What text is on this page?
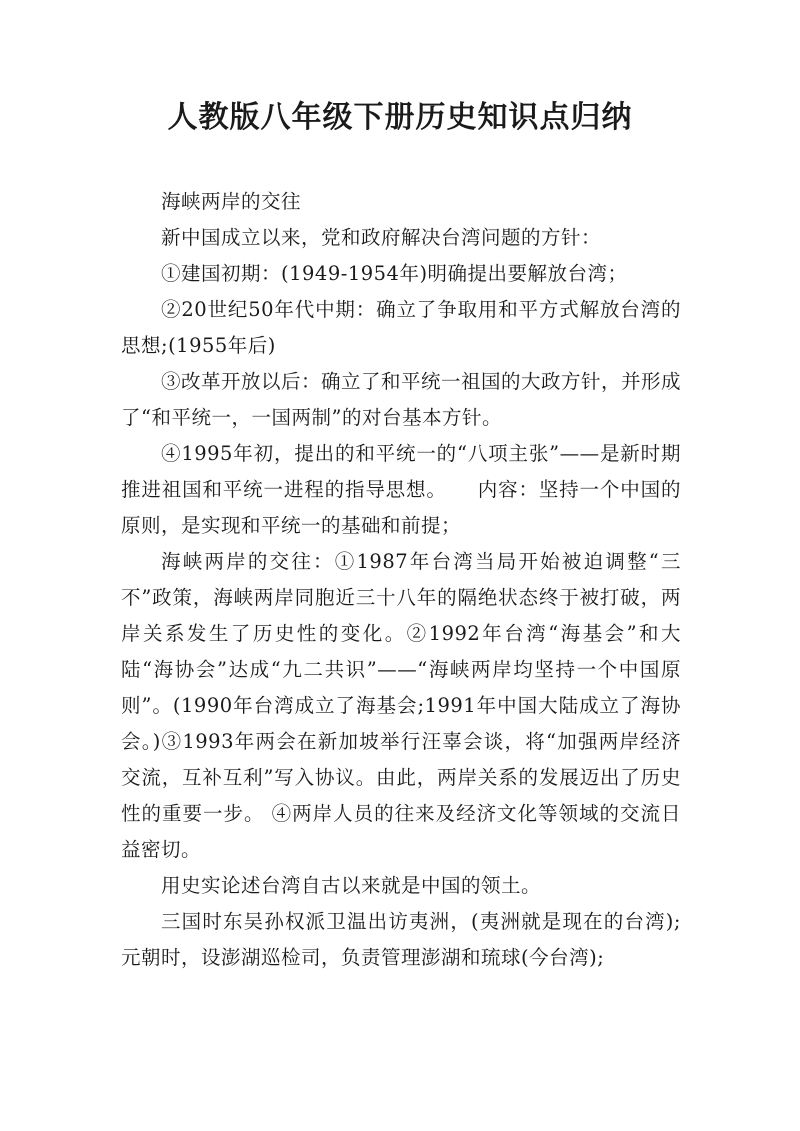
人教版八年级下册历史知识点归纳

海峡两岸的交往

新中国成立以来，党和政府解决台湾问题的方针：

①建国初期：(1949-1954年)明确提出要解放台湾；

②20世纪50年代中期：确立了争取用和平方式解放台湾的思想;(1955年后)

③改革开放以后：确立了和平统一祖国的大政方针，并形成了“和平统一，一国两制”的对台基本方针。

④1995年初，提出的和平统一的“八项主张”——是新时期推进祖国和平统一进程的指导思想。　　内容：坚持一个中国的原则，是实现和平统一的基础和前提；

海峡两岸的交往：①1987年台湾当局开始被迫调整“三不”政策，海峡两岸同胞近三十八年的隔绝状态终于被打破，两岸关系发生了历史性的变化。②1992年台湾“海基会”和大陆“海协会”达成“九二共识”——“海峡两岸均坚持一个中国原则”。(1990年台湾成立了海基会;1991年中国大陆成立了海协会。)③1993年两会在新加坡举行汪辜会谈，将“加强两岸经济交流，互补互利”写入协议。由此，两岸关系的发展迈出了历史性的重要一步。 ④两岸人员的往来及经济文化等领域的交流日益密切。

用史实论述台湾自古以来就是中国的领土。

三国时东吴孙权派卫温出访夷洲，(夷洲就是现在的台湾);元朝时，设澎湖巡检司，负责管理澎湖和琉球(今台湾);
